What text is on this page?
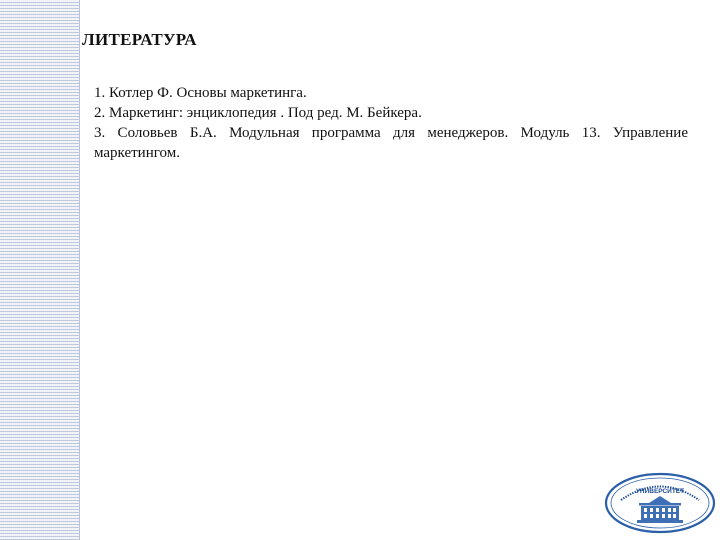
ЛИТЕРАТУРА
1. Котлер Ф. Основы маркетинга.
2. Маркетинг: энциклопедия . Под ред. М. Бейкера.
3. Соловьев Б.А. Модульная программа для менеджеров. Модуль 13. Управление маркетингом.
УНИВЕРСИТЕТ
